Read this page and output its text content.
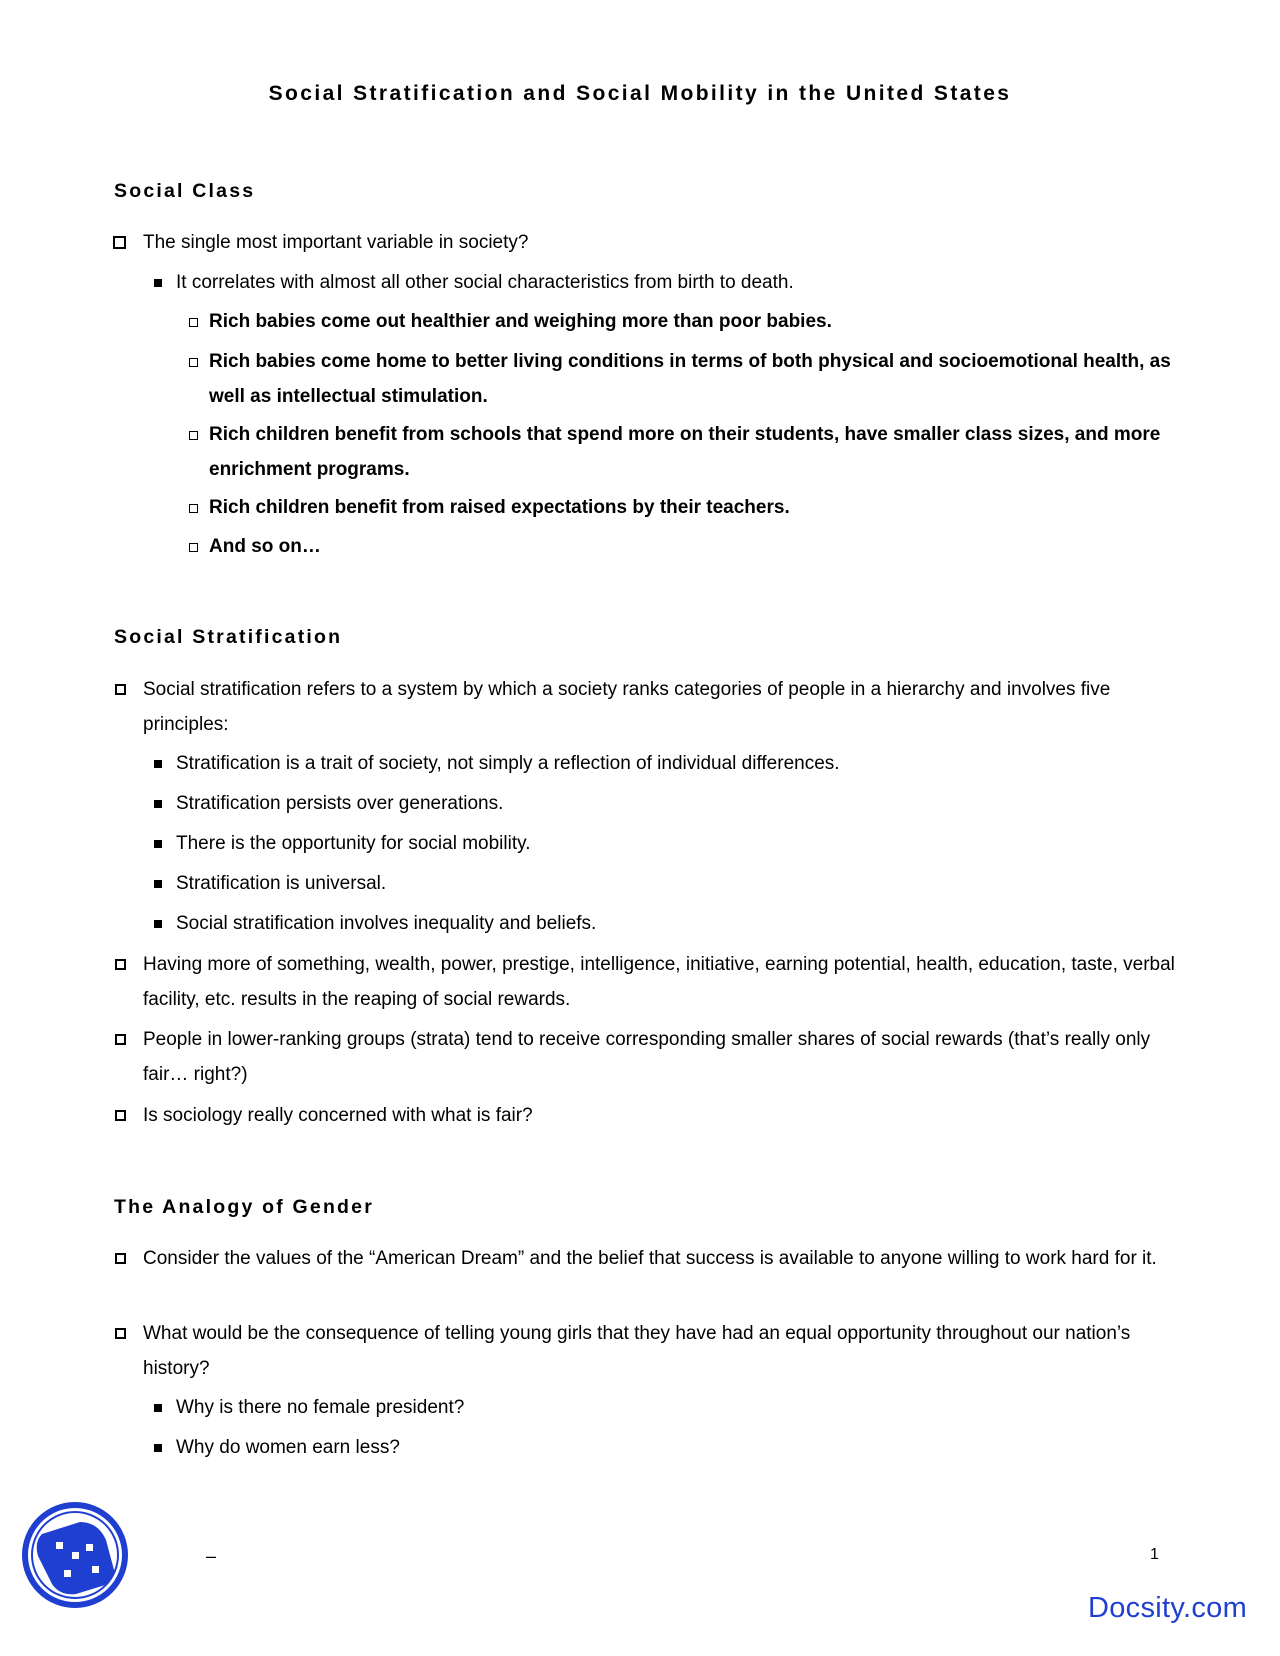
Social Stratification and Social Mobility in the United States
Social Class
The single most important variable in society?
It correlates with almost all other social characteristics from birth to death.
Rich babies come out healthier and weighing more than poor babies.
Rich babies come home to better living conditions in terms of both physical and socioemotional health, as well as intellectual stimulation.
Rich children benefit from schools that spend more on their students, have smaller class sizes, and more enrichment programs.
Rich children benefit from raised expectations by their teachers.
And so on…
Social Stratification
Social stratification refers to a system by which a society ranks categories of people in a hierarchy and involves five principles:
Stratification is a trait of society, not simply a reflection of individual differences.
Stratification persists over generations.
There is the opportunity for social mobility.
Stratification is universal.
Social stratification involves inequality and beliefs.
Having more of something, wealth, power, prestige, intelligence, initiative, earning potential, health, education, taste, verbal facility, etc. results in the reaping of social rewards.
People in lower-ranking groups (strata) tend to receive corresponding smaller shares of social rewards (that’s really only fair… right?)
Is sociology really concerned with what is fair?
The Analogy of Gender
Consider the values of the “American Dream” and the belief that success is available to anyone willing to work hard for it.
What would be the consequence of telling young girls that they have had an equal opportunity throughout our nation’s history?
Why is there no female president?
Why do women earn less?
–	1
Docsity.com
